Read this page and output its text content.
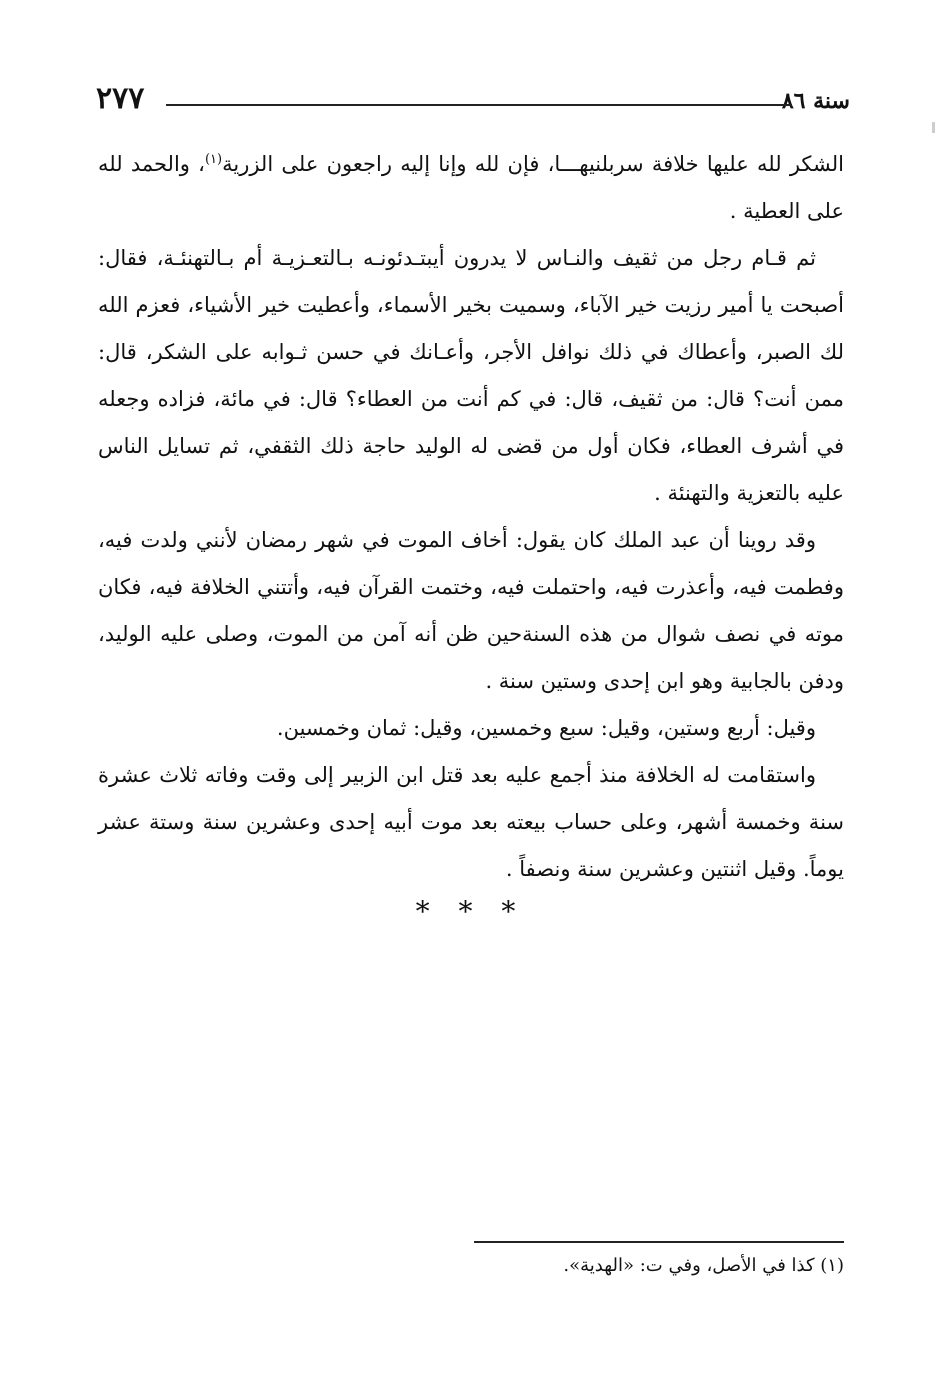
سنة ٨٦
٢٧٧

الشكر لله عليها خلافة سربلنيهـــا، فإن لله وإنا إليه راجعون على الزرية$^{(١)}$، والحمد لله على العطية .

ثم قـام رجل من ثقيف والنـاس لا يدرون أيبتـدئونـه بـالتعـزيـة أم بـالتهنئـة، فقال: أصبحت يا أمير رزيت خير الآباء، وسميت بخير الأسماء، وأعطيت خير الأشياء، فعزم الله لك الصبر، وأعطاك في ذلك نوافل الأجر، وأعـانك في حسن ثـوابه على الشكر، قال: ممن أنت؟ قال: من ثقيف، قال: في كم أنت من العطاء؟ قال: في مائة، فزاده وجعله في أشرف العطاء، فكان أول من قضى له الوليد حاجة ذلك الثقفي، ثم تسايل الناس عليه بالتعزية والتهنئة .

وقد روينا أن عبد الملك كان يقول: أخاف الموت في شهر رمضان لأنني ولدت فيه، وفطمت فيه، وأعذرت فيه، واحتملت فيه، وختمت القرآن فيه، وأتتني الخلافة فيه، فكان موته في نصف شوال من هذه السنةحين ظن أنه آمن من الموت، وصلى عليه الوليد، ودفن بالجابية وهو ابن إحدى وستين سنة .

وقيل: أربع وستين، وقيل: سبع وخمسين، وقيل: ثمان وخمسين.

واستقامت له الخلافة منذ أجمع عليه بعد قتل ابن الزبير إلى وقت وفاته ثلاث عشرة سنة وخمسة أشهر، وعلى حساب بيعته بعد موت أبيه إحدى وعشرين سنة وستة عشر يوماً. وقيل اثنتين وعشرين سنة ونصفاً .

* * *
(١) كذا في الأصل، وفي ت: «الهدية».
